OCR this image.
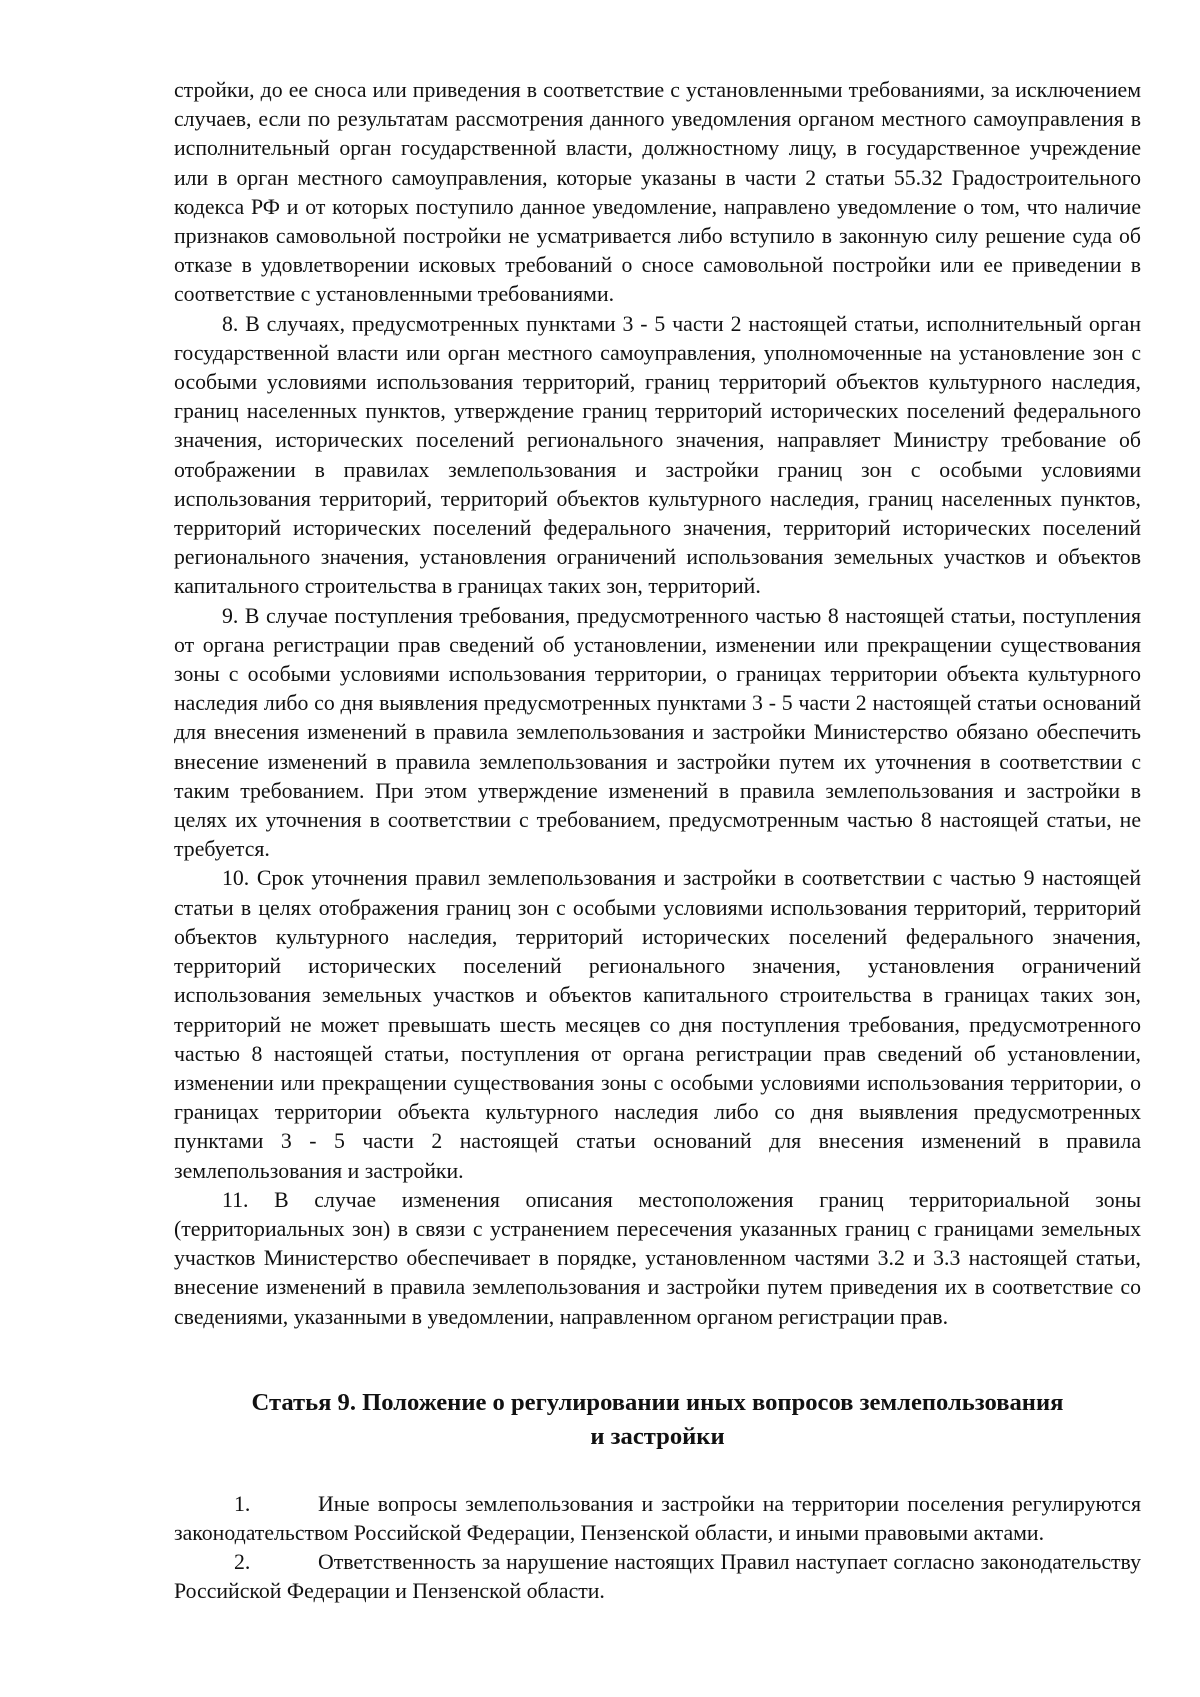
стройки, до ее сноса или приведения в соответствие с установленными требованиями, за исключением случаев, если по результатам рассмотрения данного уведомления органом местного самоуправления в исполнительный орган государственной власти, должностному лицу, в государственное учреждение или в орган местного самоуправления, которые указаны в части 2 статьи 55.32 Градостроительного кодекса РФ и от которых поступило данное уведомление, направлено уведомление о том, что наличие признаков самовольной постройки не усматривается либо вступило в законную силу решение суда об отказе в удовлетворении исковых требований о сносе самовольной постройки или ее приведении в соответствие с установленными требованиями.

8. В случаях, предусмотренных пунктами 3 - 5 части 2 настоящей статьи, исполнительный орган государственной власти или орган местного самоуправления, уполномоченные на установление зон с особыми условиями использования территорий, границ территорий объектов культурного наследия, границ населенных пунктов, утверждение границ территорий исторических поселений федерального значения, исторических поселений регионального значения, направляет Министру требование об отображении в правилах землепользования и застройки границ зон с особыми условиями использования территорий, территорий объектов культурного наследия, границ населенных пунктов, территорий исторических поселений федерального значения, территорий исторических поселений регионального значения, установления ограничений использования земельных участков и объектов капитального строительства в границах таких зон, территорий.

9. В случае поступления требования, предусмотренного частью 8 настоящей статьи, поступления от органа регистрации прав сведений об установлении, изменении или прекращении существования зоны с особыми условиями использования территории, о границах территории объекта культурного наследия либо со дня выявления предусмотренных пунктами 3 - 5 части 2 настоящей статьи оснований для внесения изменений в правила землепользования и застройки Министерство обязано обеспечить внесение изменений в правила землепользования и застройки путем их уточнения в соответствии с таким требованием. При этом утверждение изменений в правила землепользования и застройки в целях их уточнения в соответствии с требованием, предусмотренным частью 8 настоящей статьи, не требуется.

10. Срок уточнения правил землепользования и застройки в соответствии с частью 9 настоящей статьи в целях отображения границ зон с особыми условиями использования территорий, территорий объектов культурного наследия, территорий исторических поселений федерального значения, территорий исторических поселений регионального значения, установления ограничений использования земельных участков и объектов капитального строительства в границах таких зон, территорий не может превышать шесть месяцев со дня поступления требования, предусмотренного частью 8 настоящей статьи, поступления от органа регистрации прав сведений об установлении, изменении или прекращении существования зоны с особыми условиями использования территории, о границах территории объекта культурного наследия либо со дня выявления предусмотренных пунктами 3 - 5 части 2 настоящей статьи оснований для внесения изменений в правила землепользования и застройки.

11. В случае изменения описания местоположения границ территориальной зоны (территориальных зон) в связи с устранением пересечения указанных границ с границами земельных участков Министерство обеспечивает в порядке, установленном частями 3.2 и 3.3 настоящей статьи, внесение изменений в правила землепользования и застройки путем приведения их в соответствие со сведениями, указанными в уведомлении, направленном органом регистрации прав.

Статья 9. Положение о регулировании иных вопросов землепользования
и застройки

1.	Иные вопросы землепользования и застройки на территории поселения регулируются законодательством Российской Федерации, Пензенской области, и иными правовыми актами.

2.	Ответственность за нарушение настоящих Правил наступает согласно законодательству Российской Федерации и Пензенской области.
